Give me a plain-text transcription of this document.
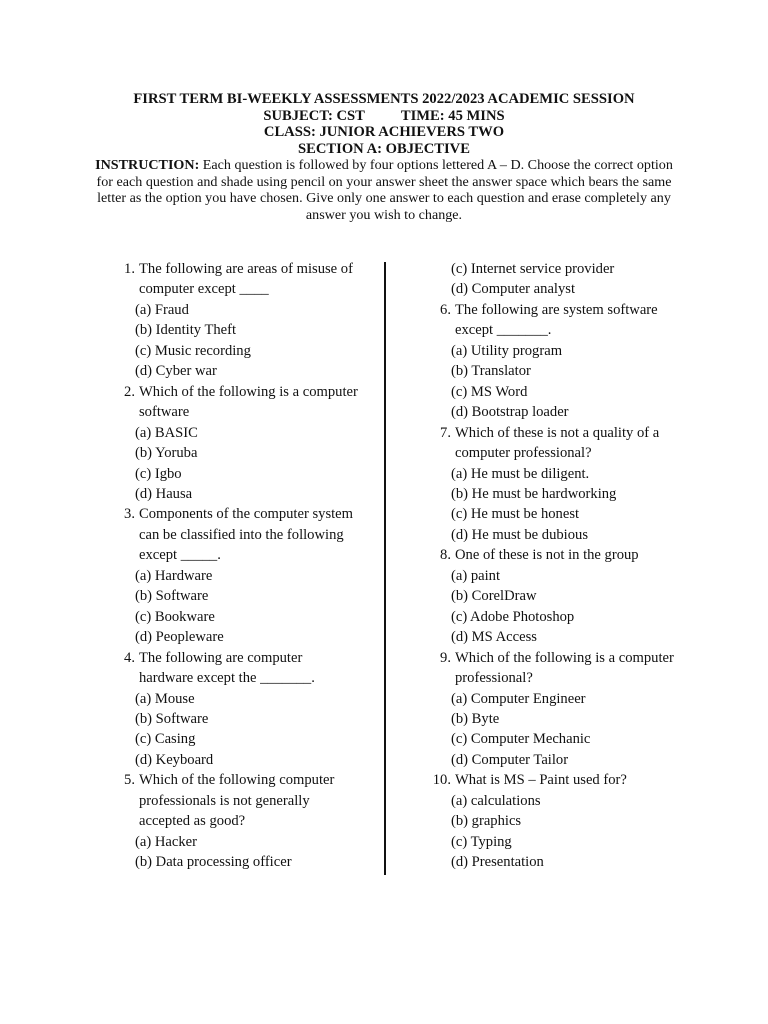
FIRST TERM BI-WEEKLY ASSESSMENTS 2022/2023 ACADEMIC SESSION
SUBJECT: CST          TIME: 45 MINS
CLASS: JUNIOR ACHIEVERS TWO
SECTION A: OBJECTIVE
INSTRUCTION: Each question is followed by four options lettered A – D. Choose the correct option for each question and shade using pencil on your answer sheet the answer space which bears the same letter as the option you have chosen. Give only one answer to each question and erase completely any answer you wish to change.
1. The following are areas of misuse of
computer except ____
(a) Fraud
(b) Identity Theft
(c) Music recording
(d) Cyber war
2. Which of the following is a computer
software
(a) BASIC
(b) Yoruba
(c) Igbo
(d) Hausa
3. Components of the computer system
can be classified into the following
except _____.
(a) Hardware
(b) Software
(c) Bookware
(d) Peopleware
4. The following are computer
hardware except the _______.
(a) Mouse
(b) Software
(c) Casing
(d) Keyboard
5. Which of the following computer
professionals is not generally
accepted as good?
(a) Hacker
(b) Data processing officer
(c) Internet service provider
(d) Computer analyst
6. The following are system software
except _______.
(a) Utility program
(b) Translator
(c) MS Word
(d) Bootstrap loader
7. Which of these is not a quality of a
computer professional?
(a) He must be diligent.
(b) He must be hardworking
(c) He must be honest
(d) He must be dubious
8. One of these is not in the group
(a) paint
(b) CorelDraw
(c) Adobe Photoshop
(d) MS Access
9. Which of the following is a computer
professional?
(a) Computer Engineer
(b) Byte
(c) Computer Mechanic
(d) Computer Tailor
10. What is MS – Paint used for?
(a) calculations
(b) graphics
(c) Typing
(d) Presentation
